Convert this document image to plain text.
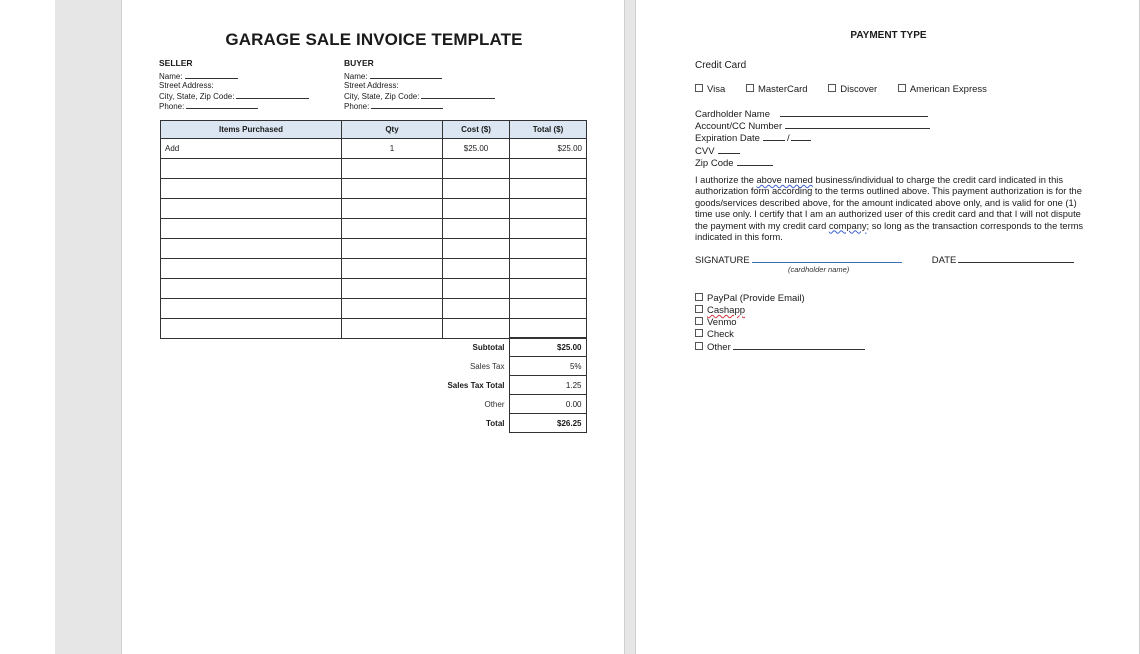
GARAGE SALE INVOICE TEMPLATE
SELLER
Name:
Street Address:
City, State, Zip Code:
Phone:
BUYER
Name:
Street Address:
City, State, Zip Code:
Phone:
Items Purchased	Qty	Cost ($)	Total ($)
Add	1	$25.00	$25.00

Subtotal	$25.00
Sales Tax	5%
Sales Tax Total	1.25
Other	0.00
Total	$26.25
PAYMENT TYPE
Credit Card
Visa	MasterCard	Discover	American Express
Cardholder Name
Account/CC Number
Expiration Date	/
CVV
Zip Code
I authorize the above named business/individual to charge the credit card indicated in this authorization form according to the terms outlined above. This payment authorization is for the goods/services described above, for the amount indicated above only, and is valid for one (1) time use only. I certify that I am an authorized user of this credit card and that I will not dispute the payment with my credit card company; so long as the transaction corresponds to the terms indicated in this form.
SIGNATURE	DATE
(cardholder name)
PayPal (Provide Email)
Cashapp
Venmo
Check
Other
